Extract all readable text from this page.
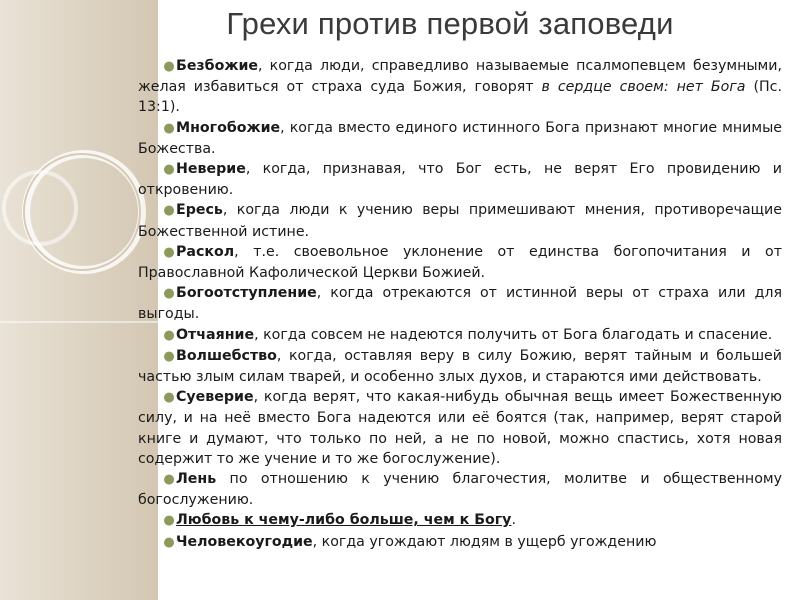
Грехи против первой заповеди

●Безбожие, когда люди, справедливо называемые псалмопевцем безумными, желая избавиться от страха суда Божия, говорят в сердце своем: нет Бога (Пс. 13:1).

●Многобожие, когда вместо единого истинного Бога признают многие мнимые Божества.

●Неверие, когда, признавая, что Бог есть, не верят Его провидению и откровению.

●Ересь, когда люди к учению веры примешивают мнения, противоречащие Божественной истине.

●Раскол, т.е. своевольное уклонение от единства богопочитания и от Православной Кафолической Церкви Божией.

●Богоотступление, когда отрекаются от истинной веры от страха или для выгоды.

●Отчаяние, когда совсем не надеются получить от Бога благодать и спасение.

●Волшебство, когда, оставляя веру в силу Божию, верят тайным и большей частью злым силам тварей, и особенно злых духов, и стараются ими действовать.

●Суеверие, когда верят, что какая-нибудь обычная вещь имеет Божественную силу, и на неё вместо Бога надеются или её боятся (так, например, верят старой книге и думают, что только по ней, а не по новой, можно спастись, хотя новая содержит то же учение и то же богослужение).

●Лень по отношению к учению благочестия, молитве и общественному богослужению.

●Любовь к чему-либо больше, чем к Богу.

●Человекоугодие, когда угождают людям в ущерб угождению
